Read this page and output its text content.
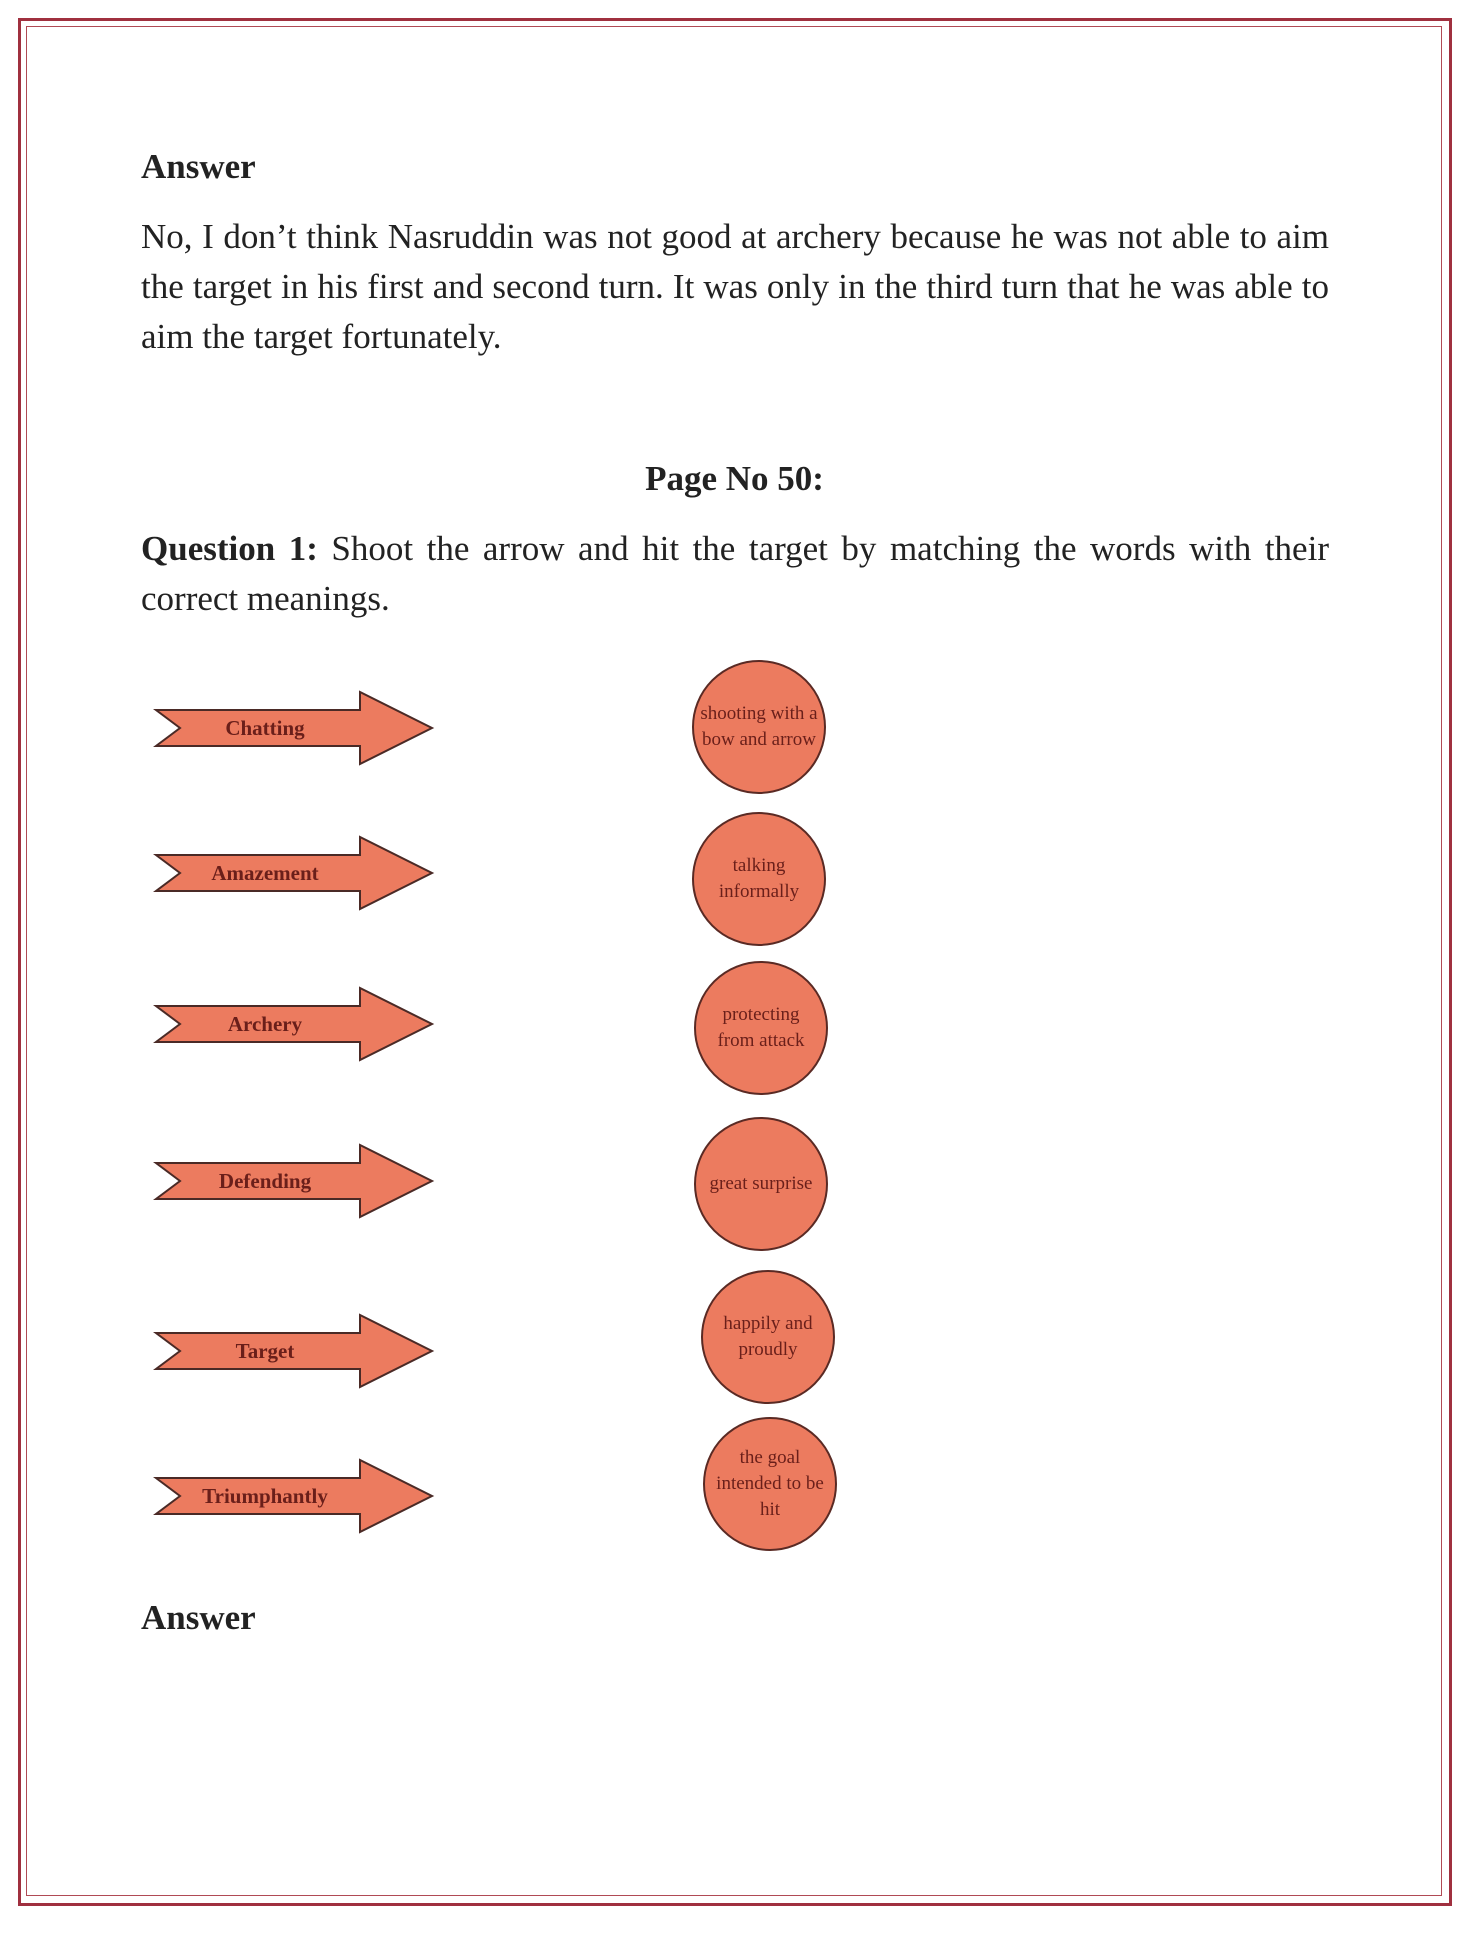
Answer
No, I don’t think Nasruddin was not good at archery because he was not able to aim the target in his first and second turn. It was only in the third turn that he was able to aim the target fortunately.
Page No 50:
Question 1: Shoot the arrow and hit the target by matching the words with their correct meanings.
Chatting
Amazement
Archery
Defending
Target
Triumphantly
shooting with a bow and arrow
talking informally
protecting from attack
great surprise
happily and proudly
the goal intended to be hit
Answer
